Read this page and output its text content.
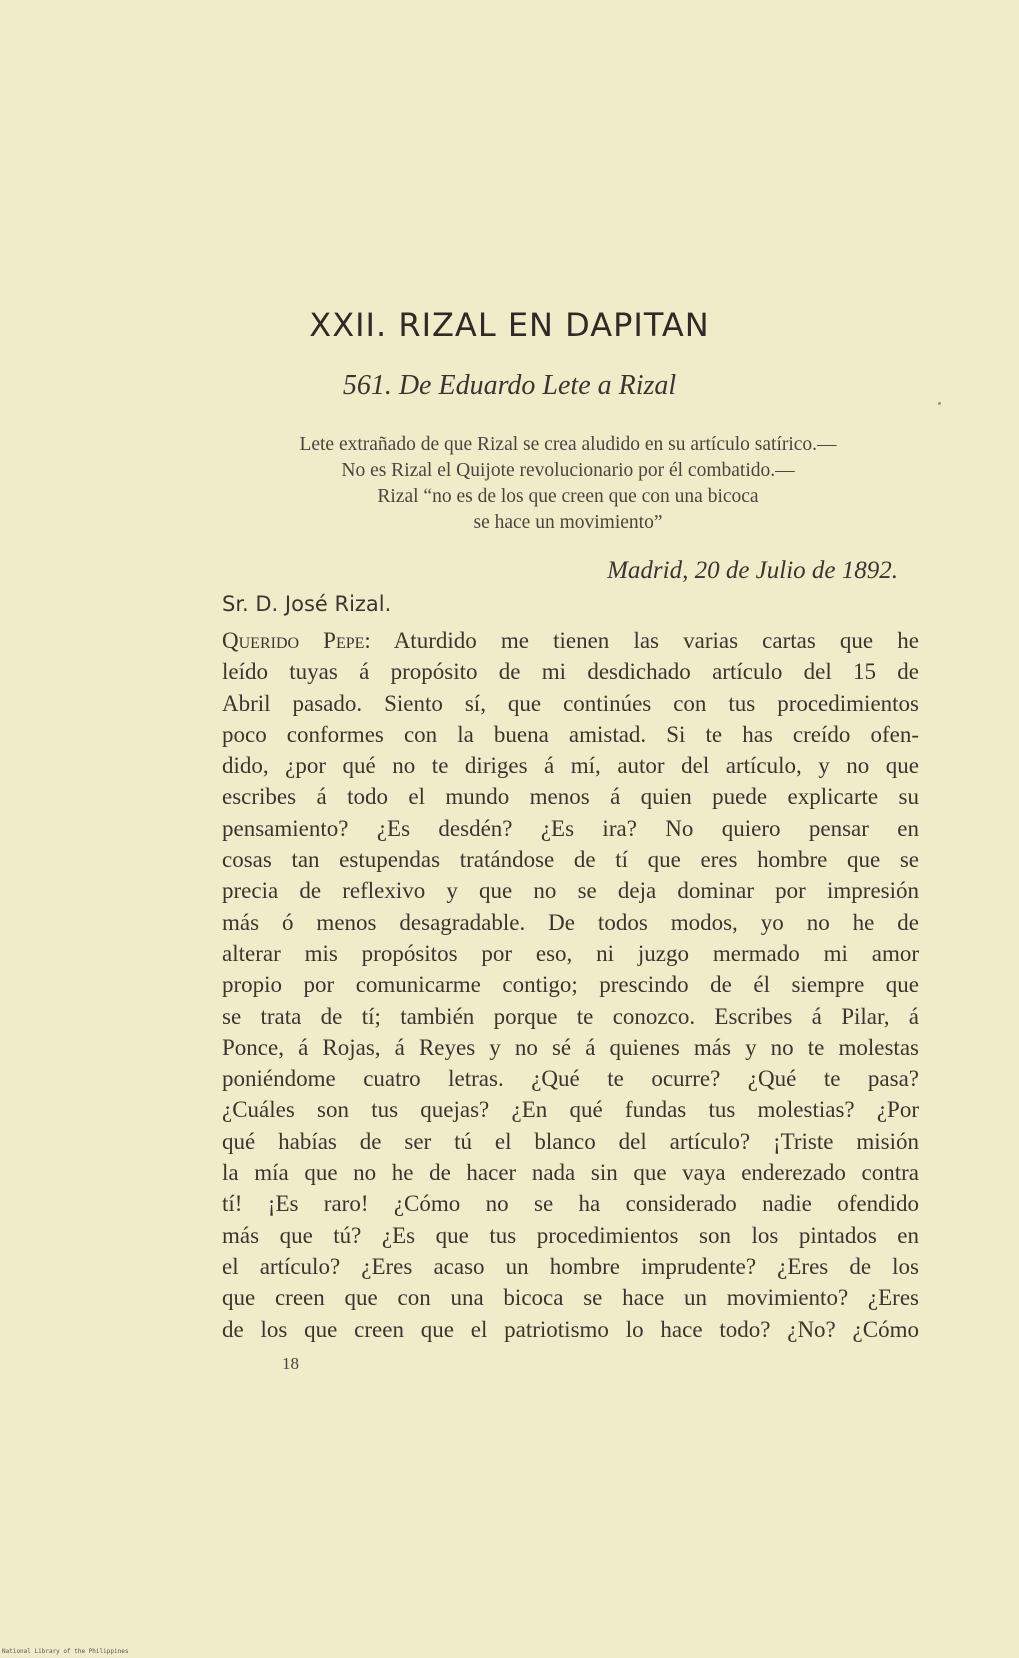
XXII. RIZAL EN DAPITAN
561. De Eduardo Lete a Rizal
Lete extrañado de que Rizal se crea aludido en su artículo satírico.—
No es Rizal el Quijote revolucionario por él combatido.—
Rizal “no es de los que creen que con una bicoca
se hace un movimiento”
Madrid, 20 de Julio de 1892.
Sr. D. José Rizal.
Querido Pepe: Aturdido me tienen las varias cartas que he
leído tuyas á propósito de mi desdichado artículo del 15 de
Abril pasado. Siento sí, que continúes con tus procedimientos
poco conformes con la buena amistad. Si te has creído ofen-
dido, ¿por qué no te diriges á mí, autor del artículo, y no que
escribes á todo el mundo menos á quien puede explicarte su
pensamiento? ¿Es desdén? ¿Es ira? No quiero pensar en
cosas tan estupendas tratándose de tí que eres hombre que se
precia de reflexivo y que no se deja dominar por impresión
más ó menos desagradable. De todos modos, yo no he de
alterar mis propósitos por eso, ni juzgo mermado mi amor
propio por comunicarme contigo; prescindo de él siempre que
se trata de tí; también porque te conozco. Escribes á Pilar, á
Ponce, á Rojas, á Reyes y no sé á quienes más y no te molestas
poniéndome cuatro letras. ¿Qué te ocurre? ¿Qué te pasa?
¿Cuáles son tus quejas? ¿En qué fundas tus molestias? ¿Por
qué habías de ser tú el blanco del artículo? ¡Triste misión
la mía que no he de hacer nada sin que vaya enderezado contra
tí! ¡Es raro! ¿Cómo no se ha considerado nadie ofendido
más que tú? ¿Es que tus procedimientos son los pintados en
el artículo? ¿Eres acaso un hombre imprudente? ¿Eres de los
que creen que con una bicoca se hace un movimiento? ¿Eres
de los que creen que el patriotismo lo hace todo? ¿No? ¿Cómo
18
National Library of the Philippines
